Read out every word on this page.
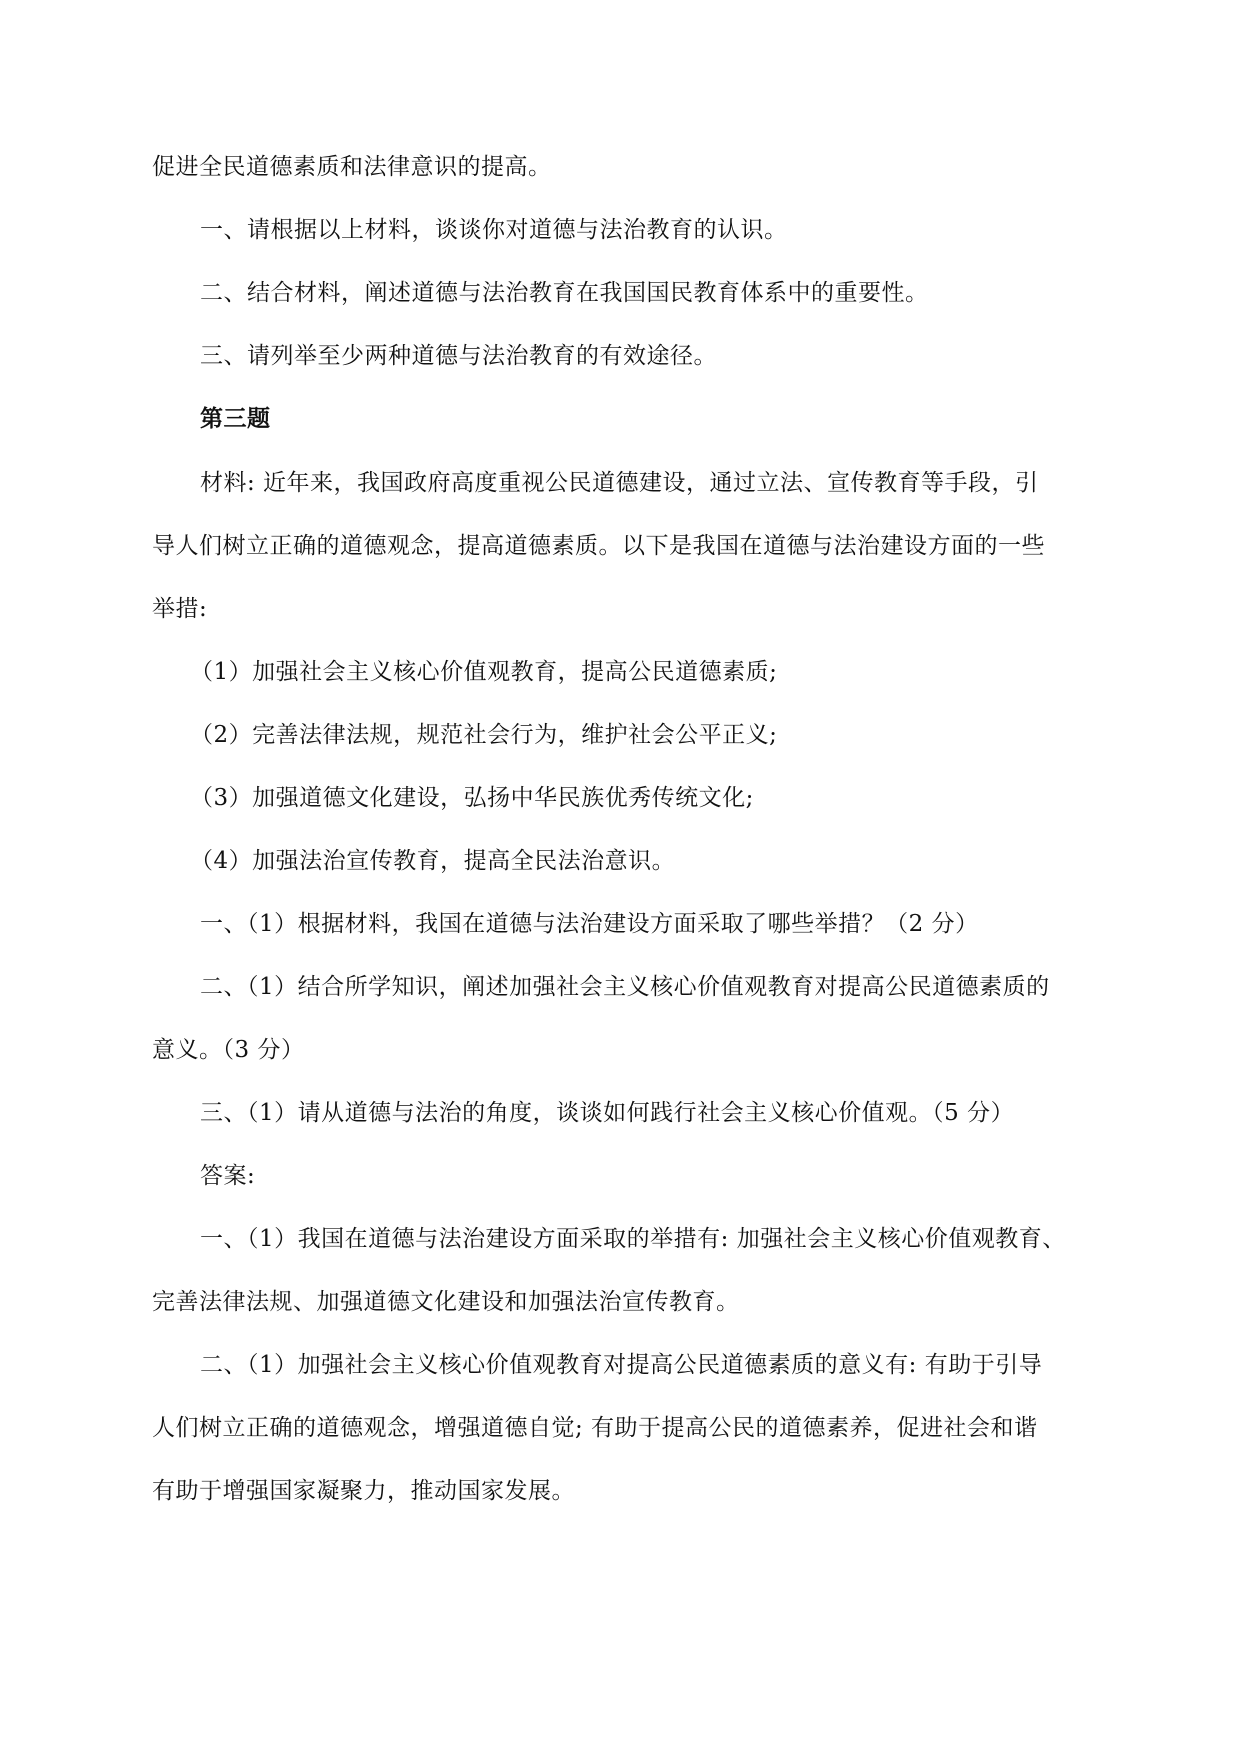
促进全民道德素质和法律意识的提高。
一、请根据以上材料，谈谈你对道德与法治教育的认识。
二、结合材料，阐述道德与法治教育在我国国民教育体系中的重要性。
三、请列举至少两种道德与法治教育的有效途径。
第三题
材料: 近年来，我国政府高度重视公民道德建设，通过立法、宣传教育等手段，引
导人们树立正确的道德观念，提高道德素质。以下是我国在道德与法治建设方面的一些
举措:
（1）加强社会主义核心价值观教育，提高公民道德素质;
（2）完善法律法规，规范社会行为，维护社会公平正义;
（3）加强道德文化建设，弘扬中华民族优秀传统文化;
（4）加强法治宣传教育，提高全民法治意识。
一、（1）根据材料，我国在道德与法治建设方面采取了哪些举措？（2 分）
二、（1）结合所学知识，阐述加强社会主义核心价值观教育对提高公民道德素质的
意义。（3 分）
三、（1）请从道德与法治的角度，谈谈如何践行社会主义核心价值观。（5 分）
答案:
一、（1）我国在道德与法治建设方面采取的举措有: 加强社会主义核心价值观教育、
完善法律法规、加强道德文化建设和加强法治宣传教育。
二、（1）加强社会主义核心价值观教育对提高公民道德素质的意义有: 有助于引导
人们树立正确的道德观念，增强道德自觉; 有助于提高公民的道德素养，促进社会和谐
有助于增强国家凝聚力，推动国家发展。
